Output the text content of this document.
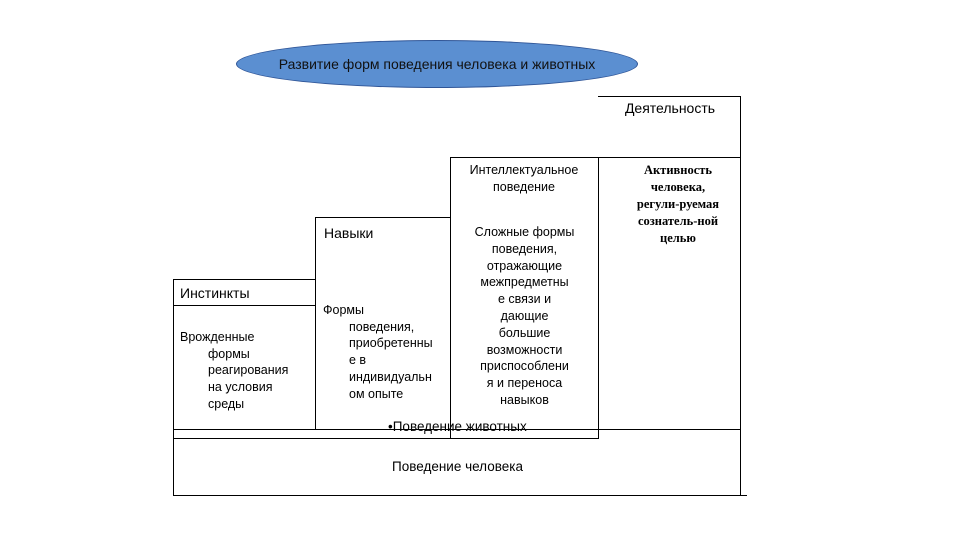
Развитие форм поведения человека и животных
Инстинкты

Врожденные
формы
реагирования
на условия
среды

Навыки

Формы
поведения,
приобретенны
е в
индивидуальн
ом опыте

Интеллектуальное
поведение
Сложные формы
поведения,
отражающие
межпредметны
е связи и
дающие
большие
возможности
приспособлени
я и переноса
навыков
Деятельность
Активность
человека,
регули-руемая
сознатель-ной
целью
•Поведение животных
Поведение человека
